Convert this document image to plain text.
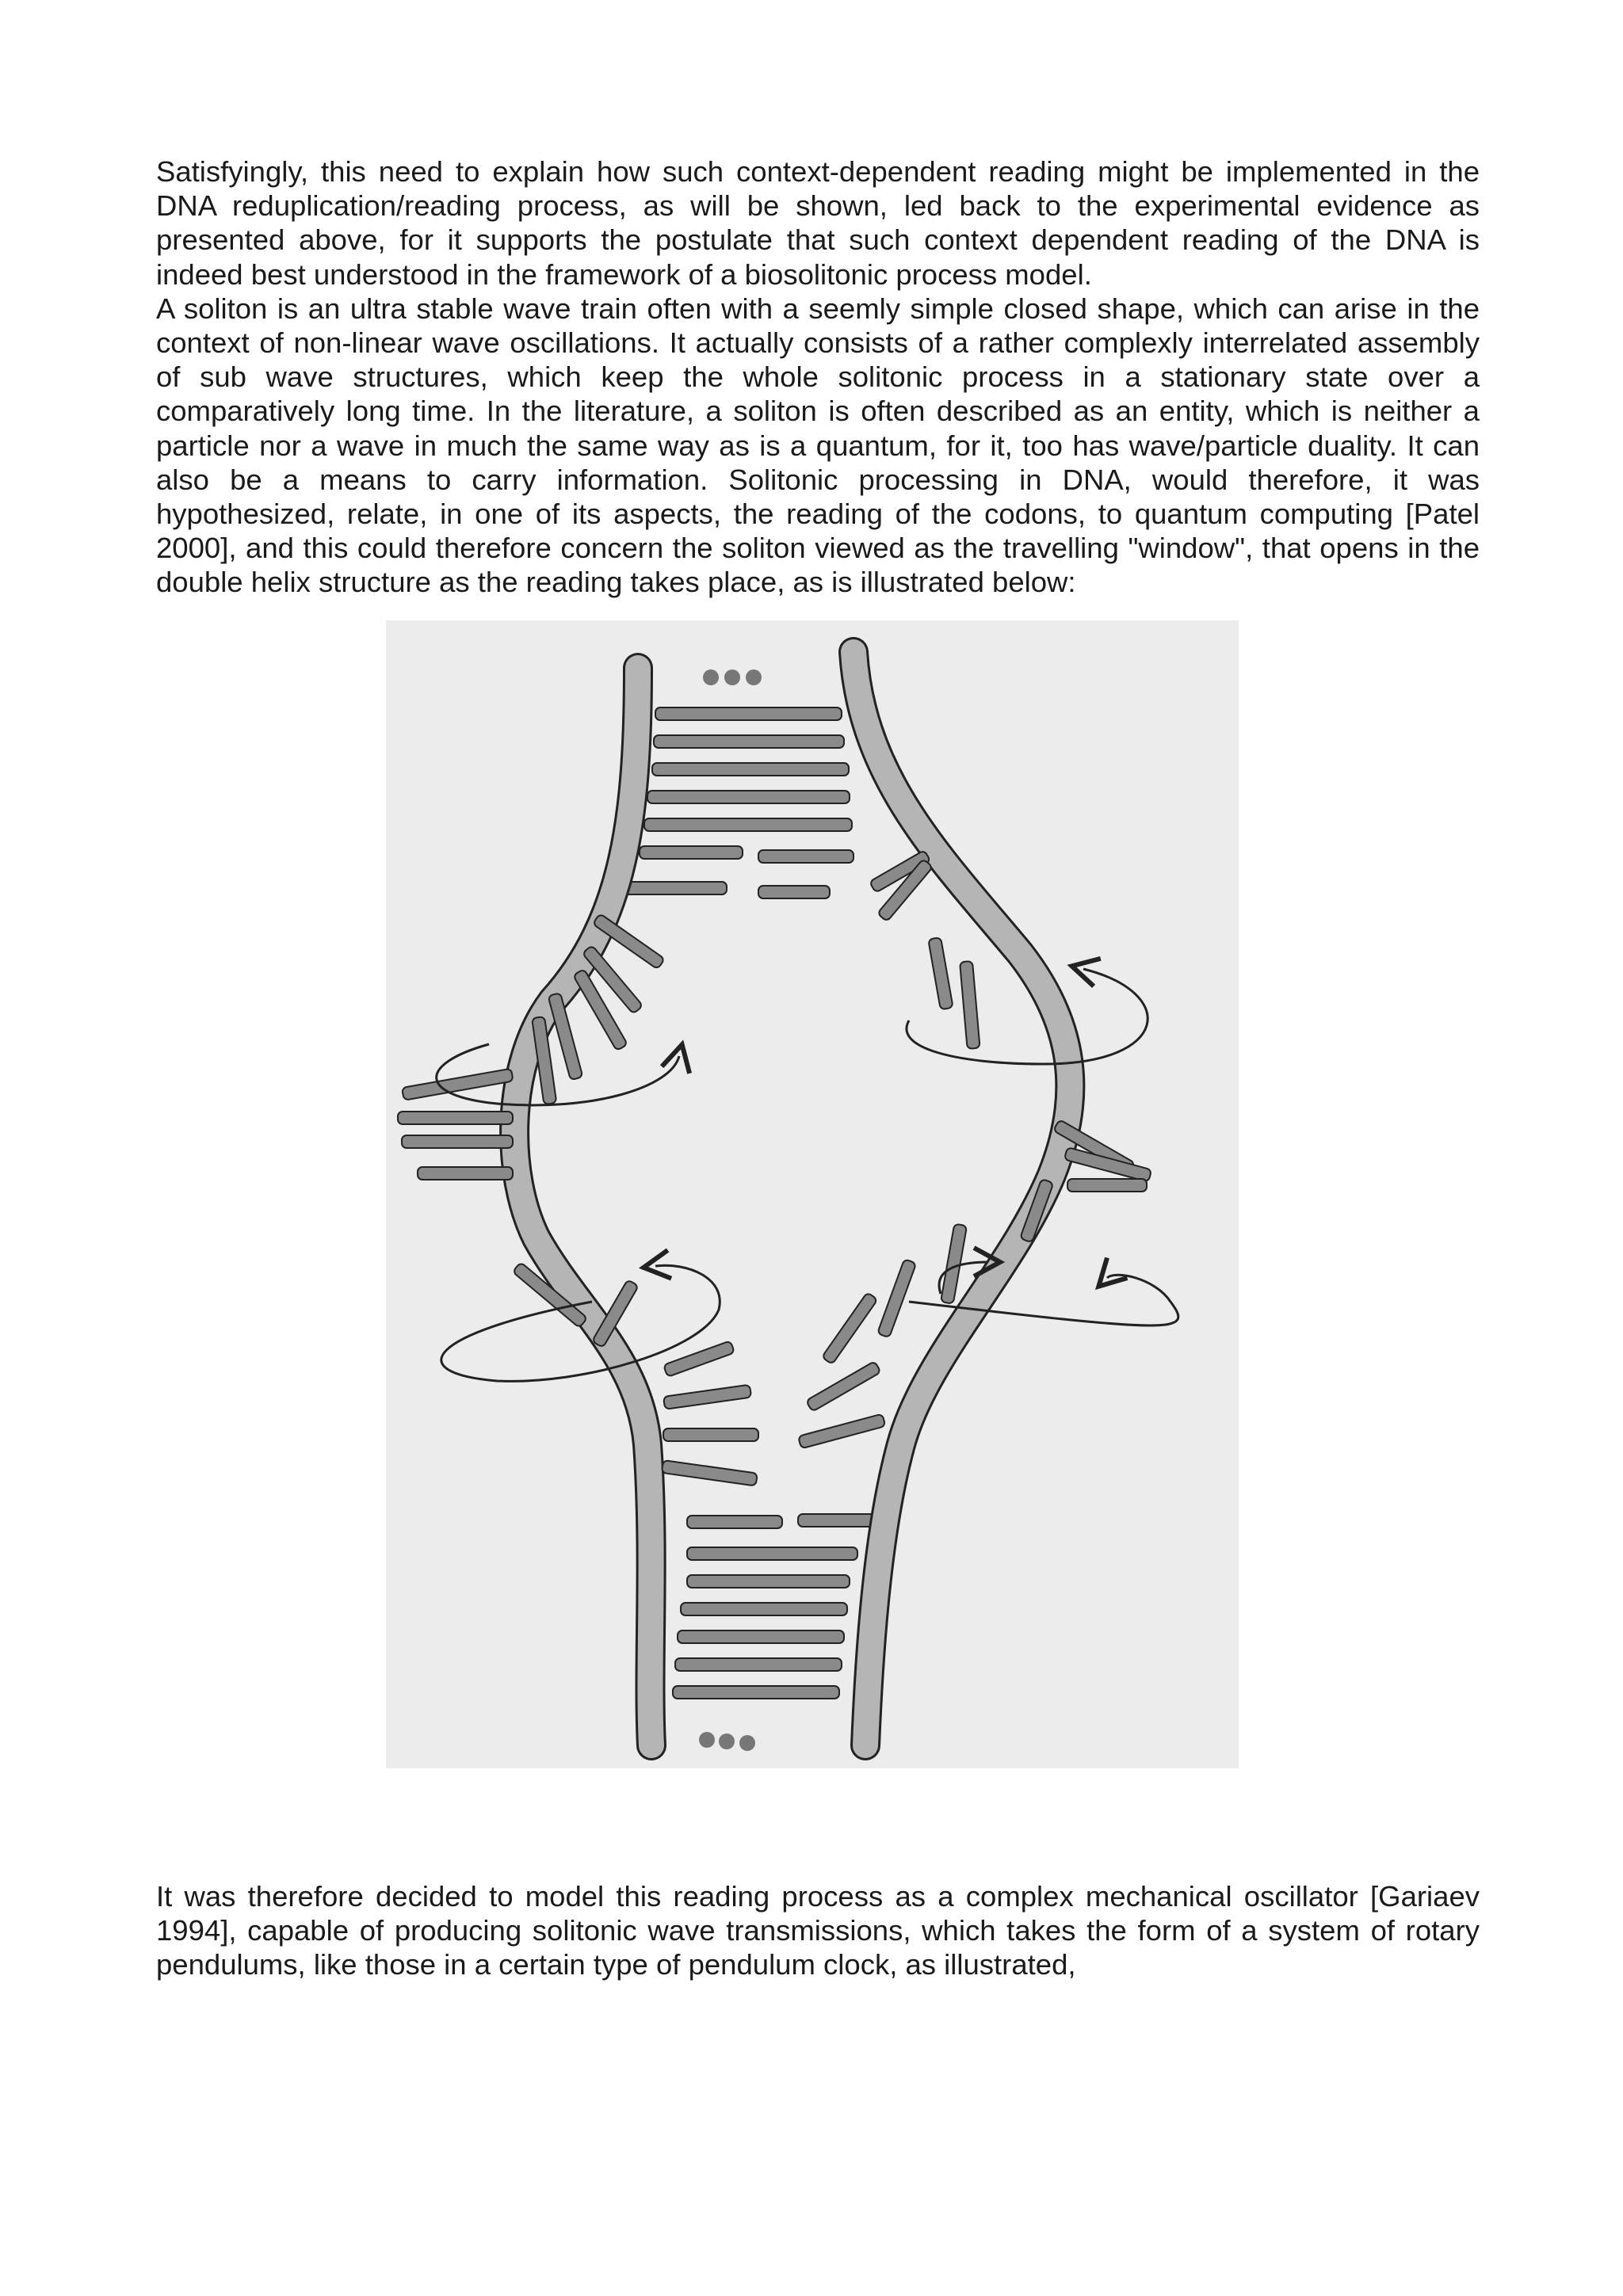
Satisfyingly, this need to explain how such context-dependent reading might be implemented in the DNA reduplication/reading process, as will be shown, led back to the experimental evidence as presented above, for it supports the postulate that such context dependent reading of the DNA is indeed best understood in the framework of a biosolitonic process model.
A soliton is an ultra stable wave train often with a seemly simple closed shape, which can arise in the context of non-linear wave oscillations. It actually consists of a rather complexly interrelated assembly of sub wave structures, which keep the whole solitonic process in a stationary state over a comparatively long time. In the literature, a soliton is often described as an entity, which is neither a particle nor a wave in much the same way as is a quantum, for it, too has wave/particle duality. It can also be a means to carry information. Solitonic processing in DNA, would therefore, it was hypothesized, relate, in one of its aspects, the reading of the codons, to quantum computing [Patel 2000], and this could therefore concern the soliton viewed as the travelling "window", that opens in the double helix structure as the reading takes place, as is illustrated below:
It was therefore decided to model this reading process as a complex mechanical oscillator [Gariaev 1994], capable of producing solitonic wave transmissions, which takes the form of a system of rotary pendulums, like those in a certain type of pendulum clock, as illustrated,
